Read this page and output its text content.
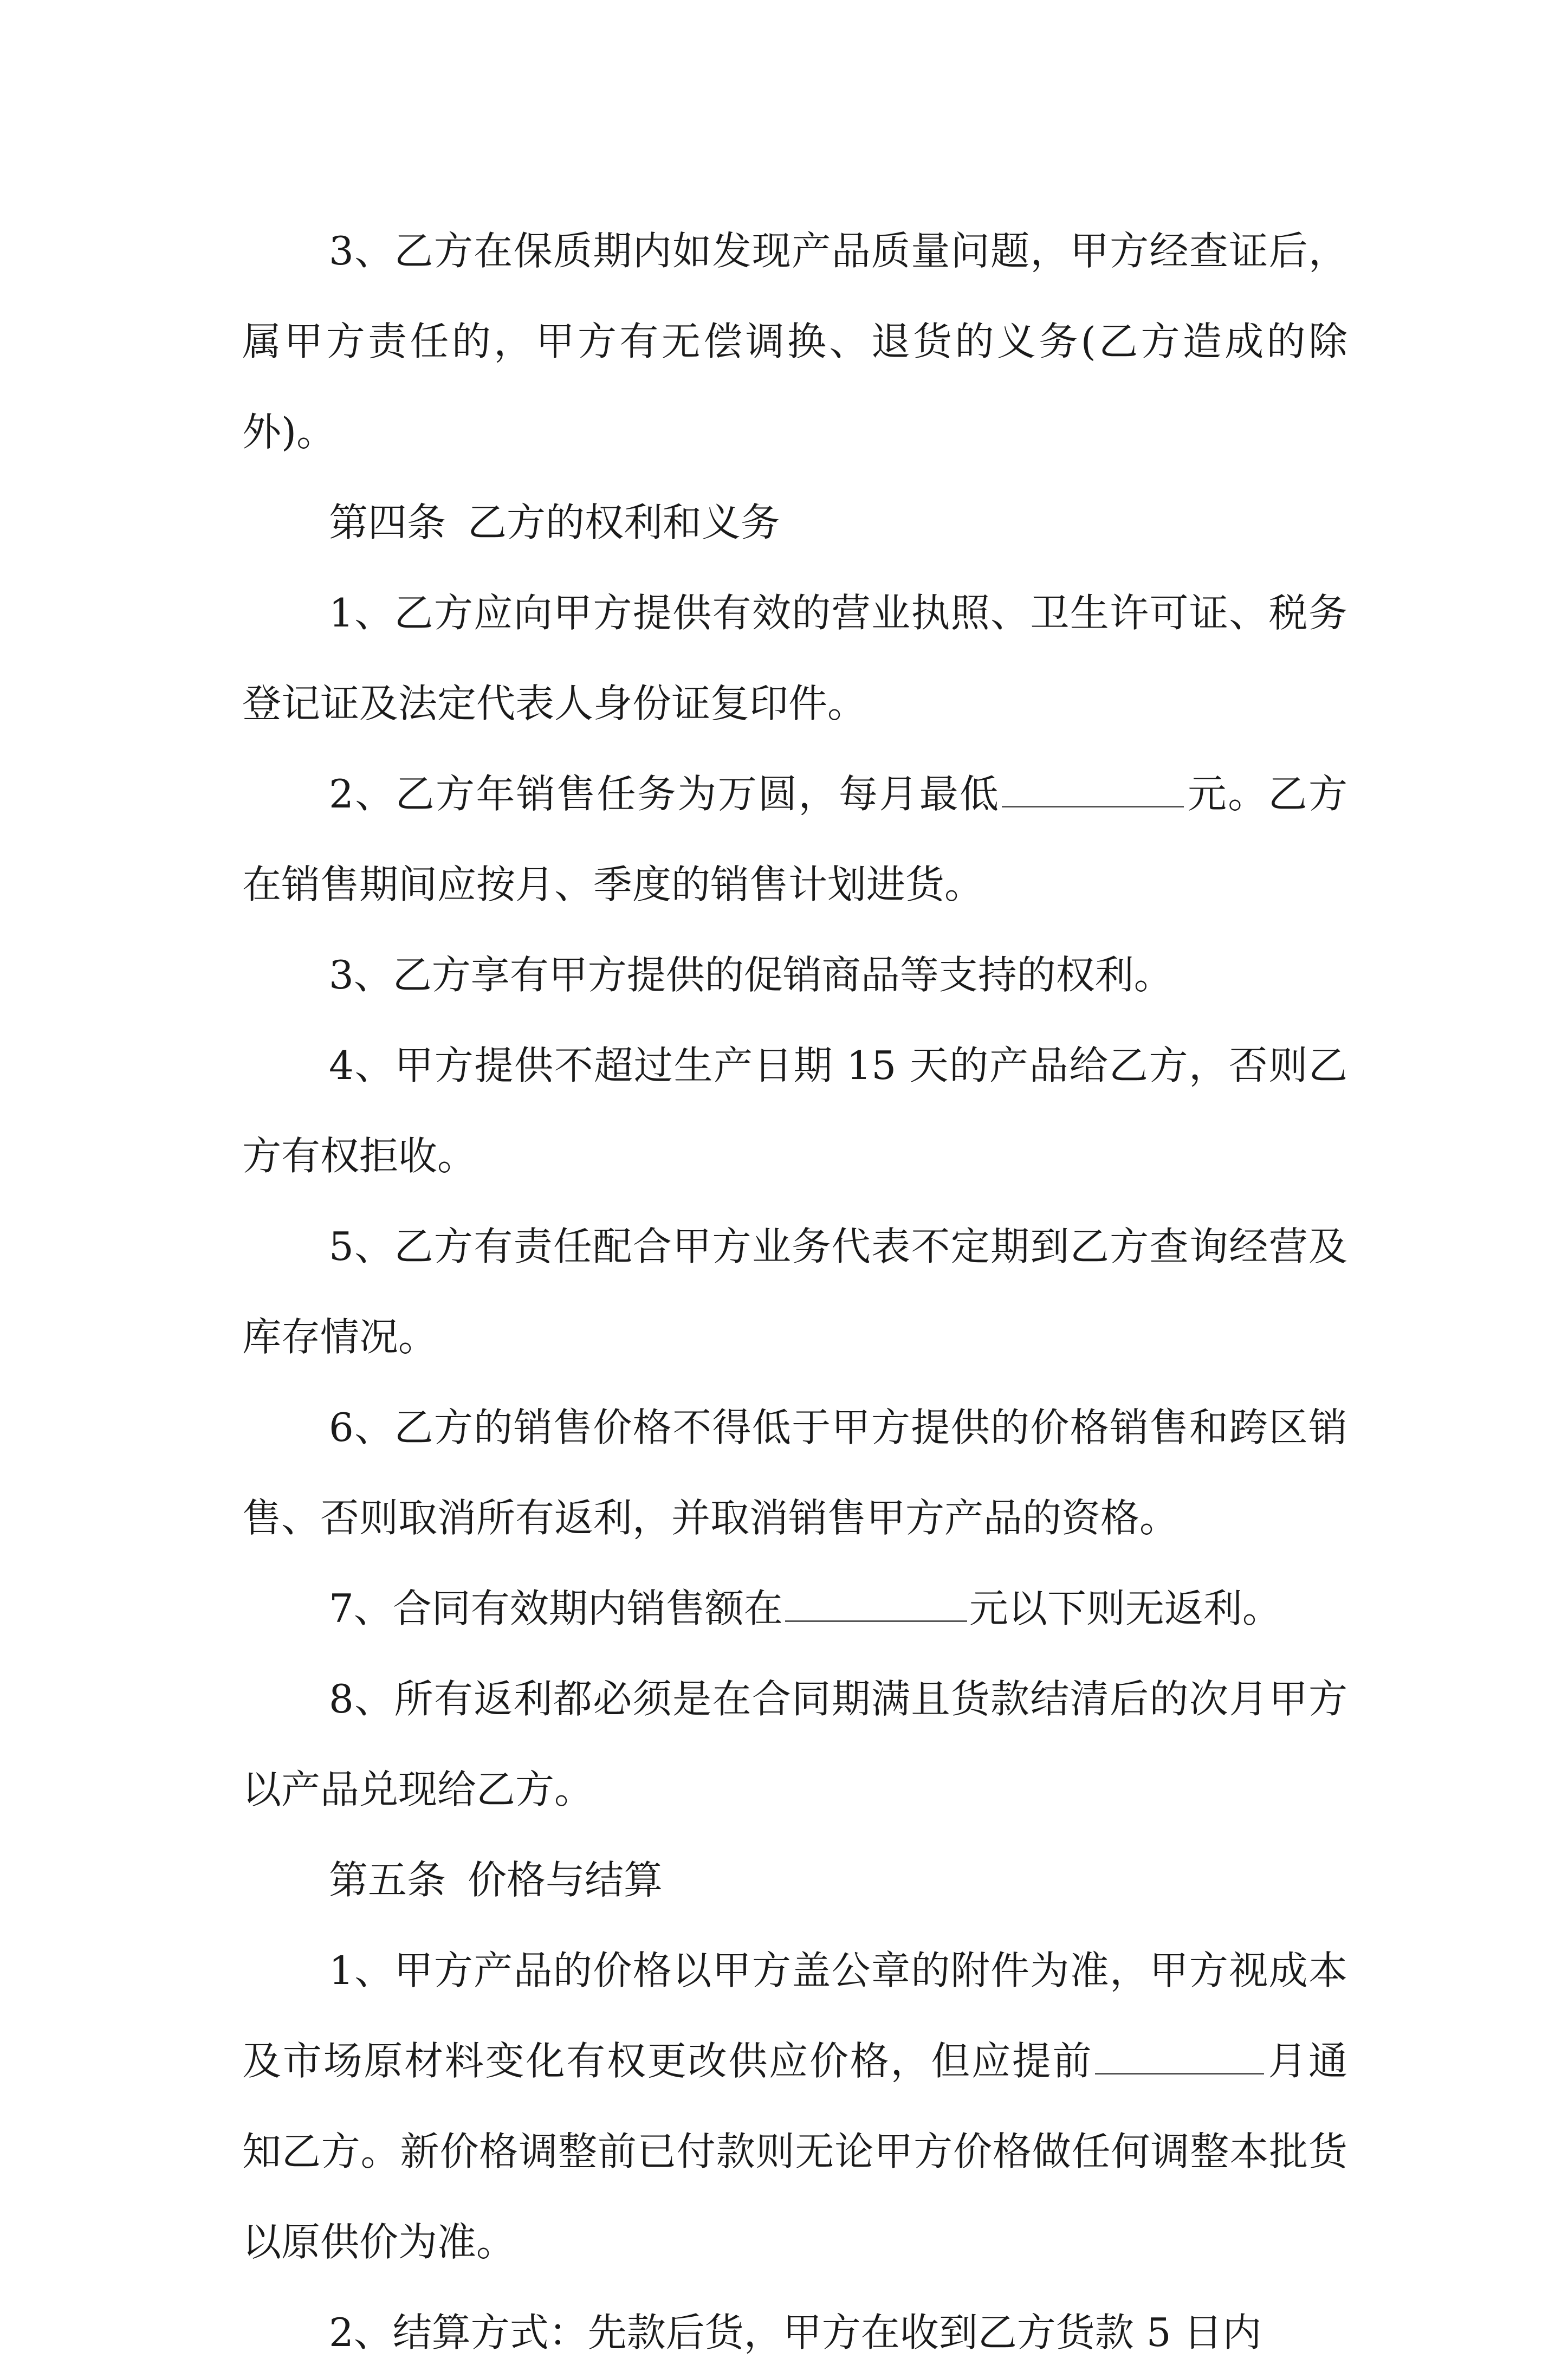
3、乙方在保质期内如发现产品质量问题，甲方经查证后，属甲方责任的，甲方有无偿调换、退货的义务(乙方造成的除外)。

第四条 乙方的权利和义务

1、乙方应向甲方提供有效的营业执照、卫生许可证、税务登记证及法定代表人身份证复印件。

2、乙方年销售任务为万圆，每月最低	元。乙方在销售期间应按月、季度的销售计划进货。

3、乙方享有甲方提供的促销商品等支持的权利。

4、甲方提供不超过生产日期 15 天的产品给乙方，否则乙方有权拒收。

5、乙方有责任配合甲方业务代表不定期到乙方查询经营及库存情况。

6、乙方的销售价格不得低于甲方提供的价格销售和跨区销售、否则取消所有返利，并取消销售甲方产品的资格。

7、合同有效期内销售额在	元以下则无返利。

8、所有返利都必须是在合同期满且货款结清后的次月甲方以产品兑现给乙方。

第五条 价格与结算

1、甲方产品的价格以甲方盖公章的附件为准，甲方视成本及市场原材料变化有权更改供应价格，但应提前	月通知乙方。新价格调整前已付款则无论甲方价格做任何调整本批货以原供价为准。

2、结算方式：先款后货，甲方在收到乙方货款 5 日内
